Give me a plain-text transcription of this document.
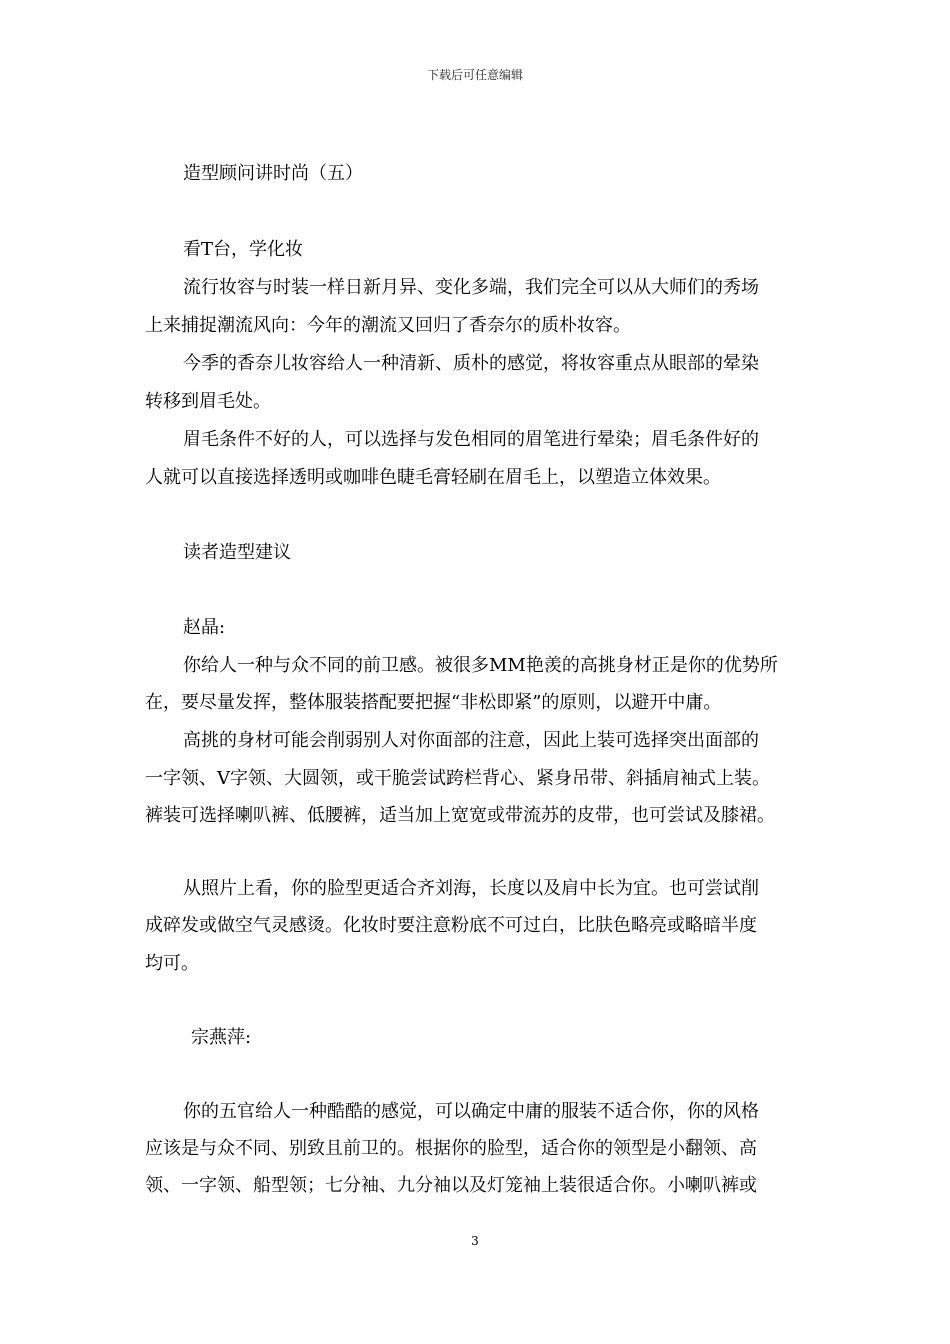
下载后可任意编辑
造型顾问讲时尚（五）
看T台，学化妆
流行妆容与时装一样日新月异、变化多端，我们完全可以从大师们的秀场
上来捕捉潮流风向：今年的潮流又回归了香奈尔的质朴妆容。
今季的香奈儿妆容给人一种清新、质朴的感觉，将妆容重点从眼部的晕染
转移到眉毛处。
眉毛条件不好的人，可以选择与发色相同的眉笔进行晕染；眉毛条件好的
人就可以直接选择透明或咖啡色睫毛膏轻刷在眉毛上，以塑造立体效果。
读者造型建议
赵晶:
你给人一种与众不同的前卫感。被很多MM艳羡的高挑身材正是你的优势所
在，要尽量发挥，整体服装搭配要把握“非松即紧”的原则，以避开中庸。
高挑的身材可能会削弱别人对你面部的注意，因此上装可选择突出面部的
一字领、V字领、大圆领，或干脆尝试跨栏背心、紧身吊带、斜插肩袖式上装。
裤装可选择喇叭裤、低腰裤，适当加上宽宽或带流苏的皮带，也可尝试及膝裙。
从照片上看，你的脸型更适合齐刘海，长度以及肩中长为宜。也可尝试削
成碎发或做空气灵感烫。化妆时要注意粉底不可过白，比肤色略亮或略暗半度
均可。
宗燕萍:
你的五官给人一种酷酷的感觉，可以确定中庸的服装不适合你，你的风格
应该是与众不同、别致且前卫的。根据你的脸型，适合你的领型是小翻领、高
领、一字领、船型领；七分袖、九分袖以及灯笼袖上装很适合你。小喇叭裤或
3
